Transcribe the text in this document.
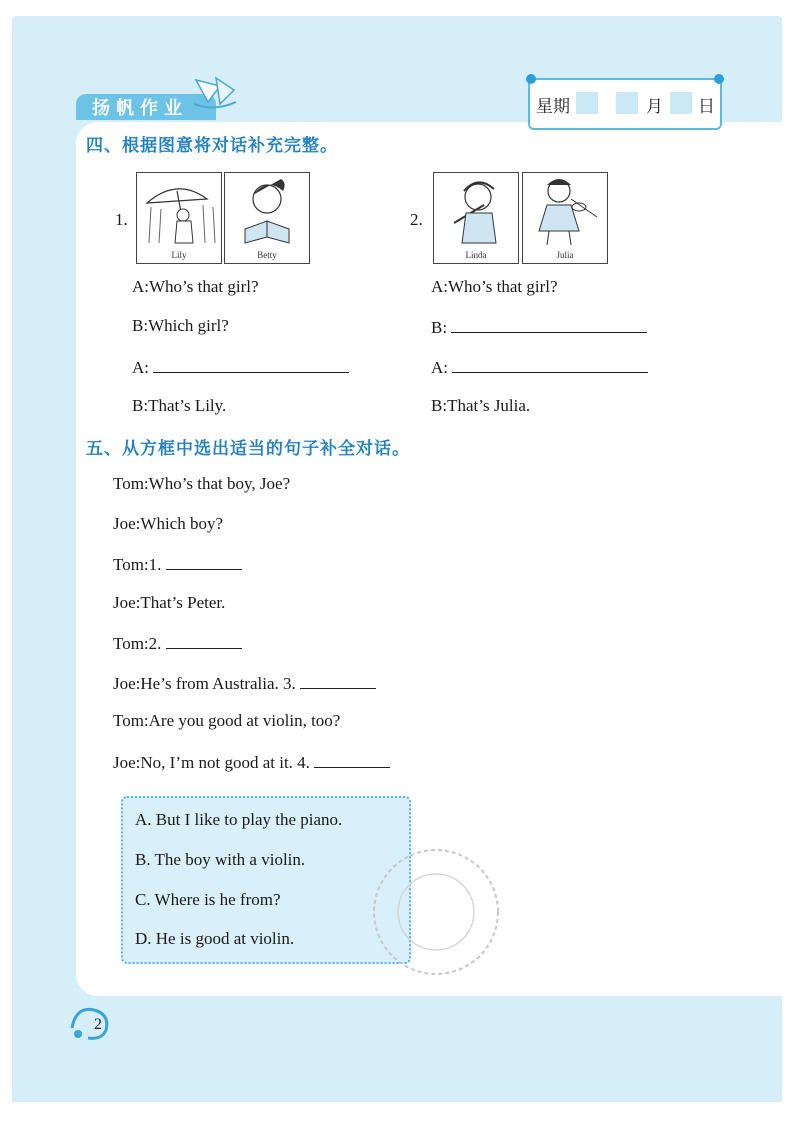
扬帆作业	星期	月 日
四、根据图意将对话补充完整。
1.
Lily	Betty
2.
Linda	Julia
A:Who’s that girl?
B:Which girl?
A:
B:That’s Lily.
A:Who’s that girl?
B:
A:
B:That’s Julia.
五、从方框中选出适当的句子补全对话。
Tom:Who’s that boy, Joe?
Joe:Which boy?
Tom:1.
Joe:That’s Peter.
Tom:2.
Joe:He’s from Australia. 3.
Tom:Are you good at violin, too?
Joe:No, I’m not good at it. 4.
A. But I like to play the piano.
B. The boy with a violin.
C. Where is he from?
D. He is good at violin.
2
